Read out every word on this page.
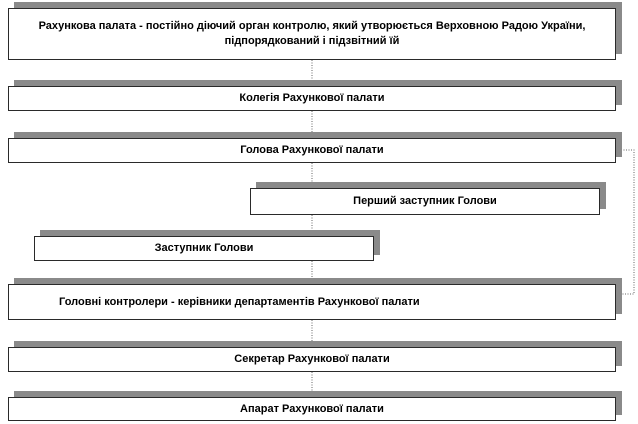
Рахункова палата - постійно діючий орган контролю, який утворюється Верховною Радою України, підпорядкований і підзвітний їй
Колегія Рахункової палати
Голова Рахункової палати
Перший заступник Голови
Заступник Голови
Головні контролери - керівники департаментів Рахункової палати
Секретар Рахункової палати
Апарат Рахункової палати
